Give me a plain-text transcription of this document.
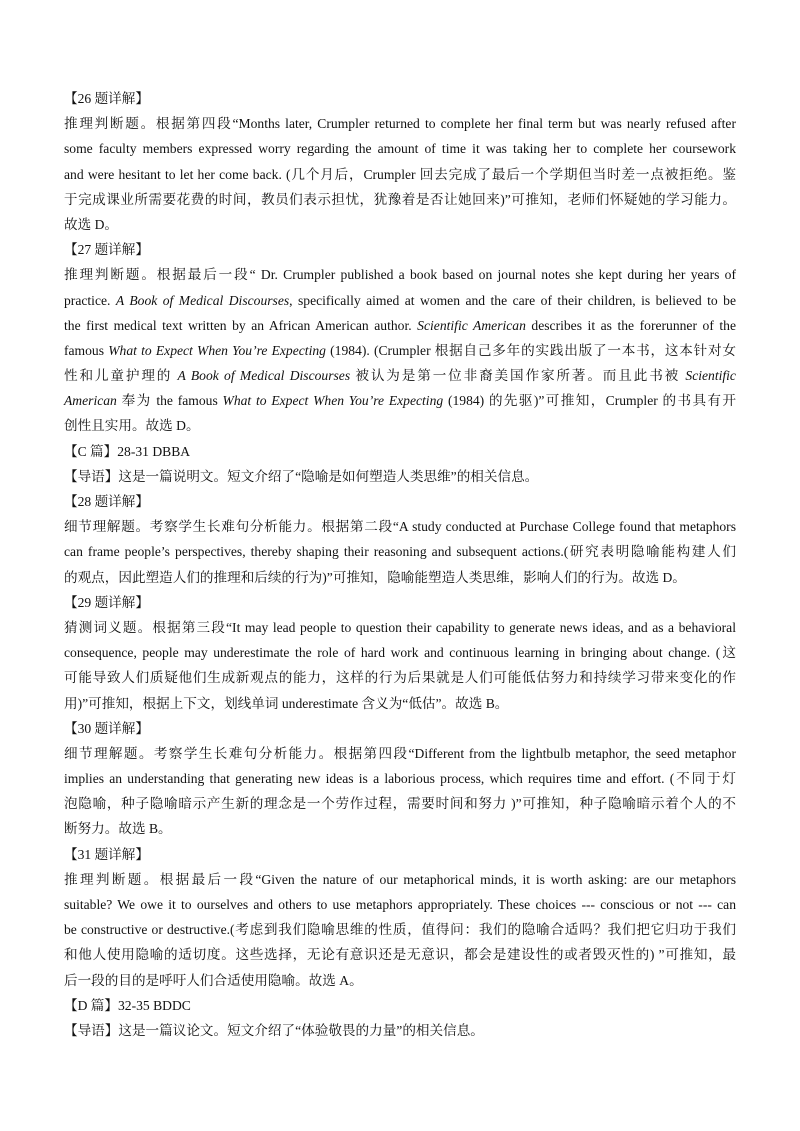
【26 题详解】
推理判断题。根据第四段“Months later, Crumpler returned to complete her final term but was nearly refused after
some faculty members expressed worry regarding the amount of time it was taking her to complete her coursework
and were hesitant to let her come back. (几个月后，Crumpler 回去完成了最后一个学期但当时差一点被拒绝。鉴
于完成课业所需要花费的时间，教员们表示担忧，犹豫着是否让她回来)”可推知，老师们怀疑她的学习能力。
故选 D。
【27 题详解】
推理判断题。根据最后一段“ Dr. Crumpler published a book based on journal notes she kept during her years of
practice. A Book of Medical Discourses, specifically aimed at women and the care of their children, is believed to be
the first medical text written by an African American author. Scientific American describes it as the forerunner of the
famous What to Expect When You’re Expecting (1984). (Crumpler 根据自己多年的实践出版了一本书，这本针对女
性和儿童护理的 A Book of Medical Discourses 被认为是第一位非裔美国作家所著。而且此书被 Scientific
American 奉为 the famous What to Expect When You’re Expecting (1984) 的先驱)”可推知，Crumpler 的书具有开
创性且实用。故选 D。
【C 篇】28-31 DBBA
【导语】这是一篇说明文。短文介绍了“隐喻是如何塑造人类思维”的相关信息。
【28 题详解】
细节理解题。考察学生长难句分析能力。根据第二段“A study conducted at Purchase College found that metaphors
can frame people’s perspectives, thereby shaping their reasoning and subsequent actions.(研究表明隐喻能构建人们
的观点，因此塑造人们的推理和后续的行为)”可推知，隐喻能塑造人类思维，影响人们的行为。故选 D。
【29 题详解】
猜测词义题。根据第三段“It may lead people to question their capability to generate news ideas, and as a behavioral
consequence, people may underestimate the role of hard work and continuous learning in bringing about change. (这
可能导致人们质疑他们生成新观点的能力，这样的行为后果就是人们可能低估努力和持续学习带来变化的作
用)”可推知，根据上下文，划线单词 underestimate 含义为“低估”。故选 B。
【30 题详解】
细节理解题。考察学生长难句分析能力。根据第四段“Different from the lightbulb metaphor, the seed metaphor
implies an understanding that generating new ideas is a laborious process, which requires time and effort. (不同于灯
泡隐喻，种子隐喻暗示产生新的理念是一个劳作过程，需要时间和努力 )”可推知，种子隐喻暗示着个人的不
断努力。故选 B。
【31 题详解】
推理判断题。根据最后一段“Given the nature of our metaphorical minds, it is worth asking: are our metaphors
suitable? We owe it to ourselves and others to use metaphors appropriately. These choices --- conscious or not --- can
be constructive or destructive.(考虑到我们隐喻思维的性质，值得问：我们的隐喻合适吗？我们把它归功于我们
和他人使用隐喻的适切度。这些选择，无论有意识还是无意识，都会是建设性的或者毁灭性的) ”可推知，最
后一段的目的是呼吁人们合适使用隐喻。故选 A。
【D 篇】32-35 BDDC
【导语】这是一篇议论文。短文介绍了“体验敬畏的力量”的相关信息。
